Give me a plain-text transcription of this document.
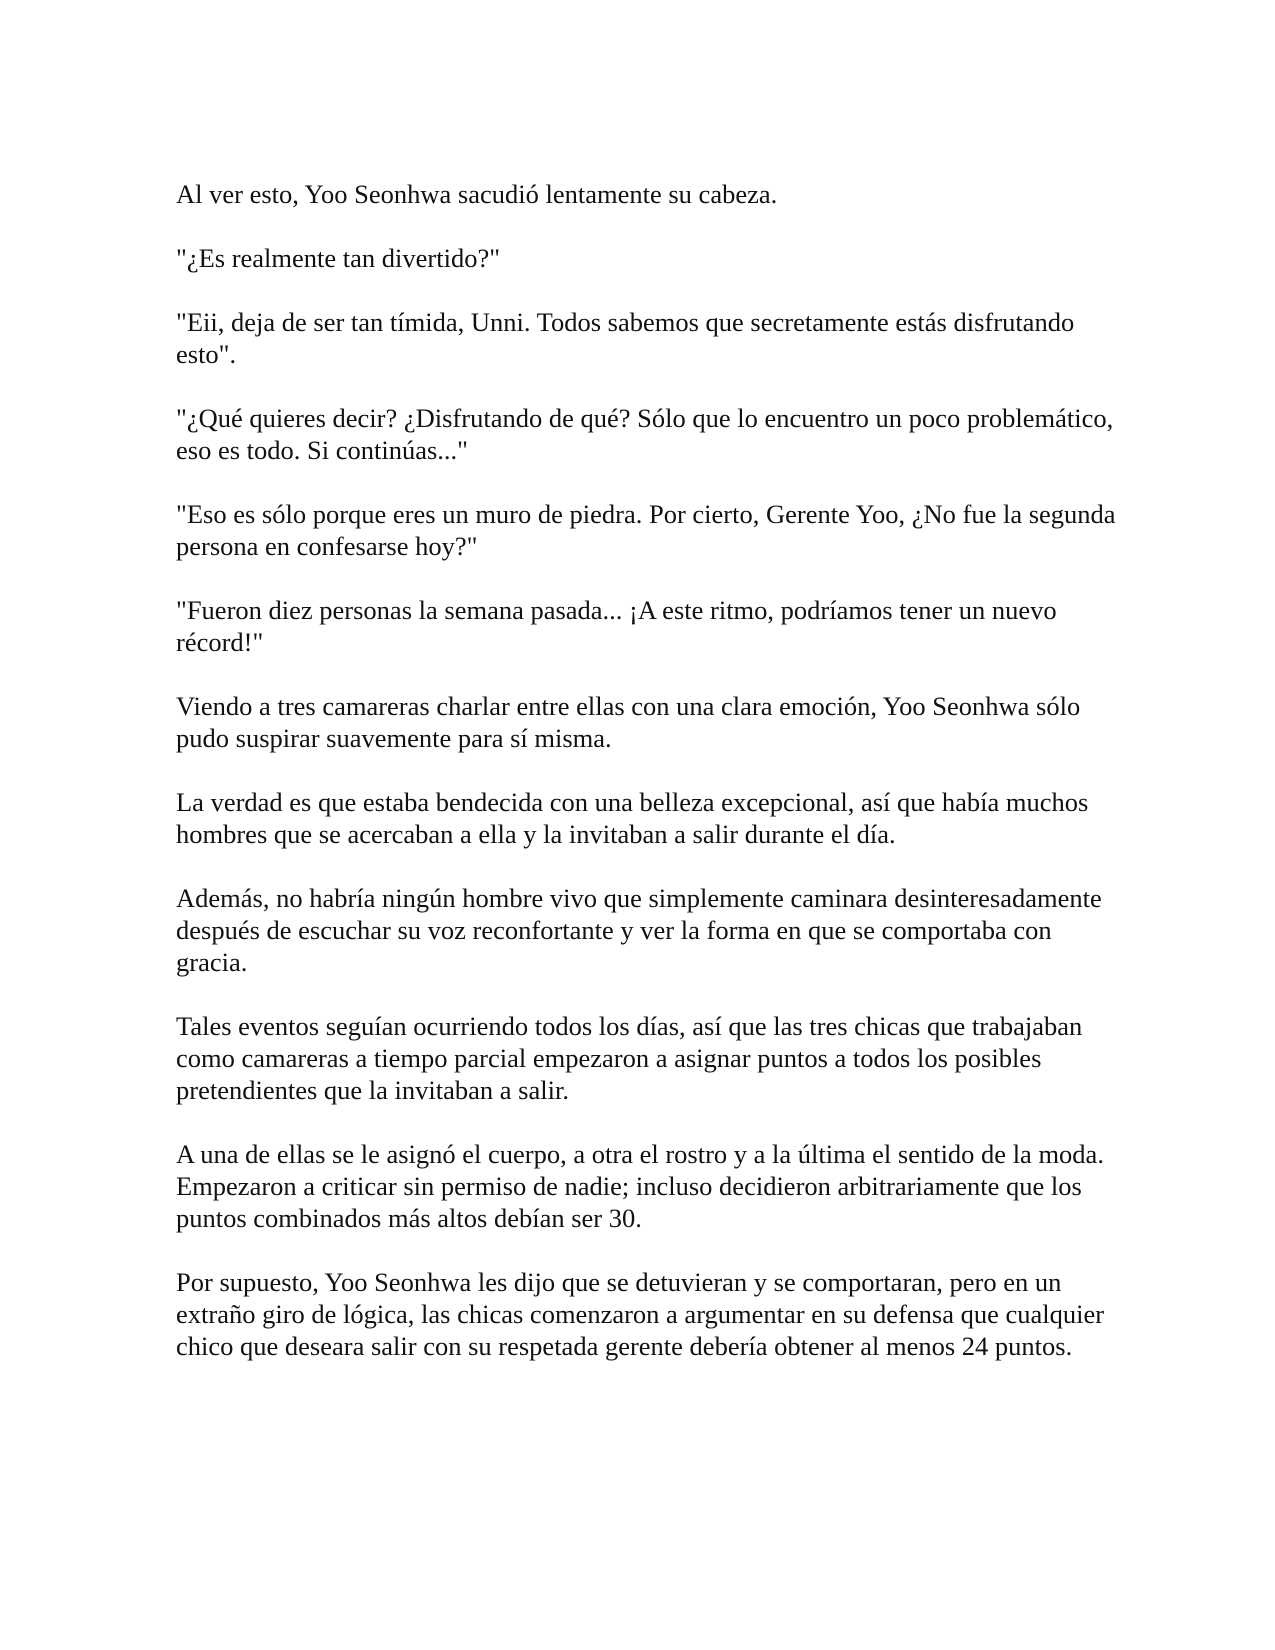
Al ver esto, Yoo Seonhwa sacudió lentamente su cabeza.

"¿Es realmente tan divertido?"

"Eii, deja de ser tan tímida, Unni. Todos sabemos que secretamente estás disfrutando esto".

"¿Qué quieres decir? ¿Disfrutando de qué? Sólo que lo encuentro un poco problemático, eso es todo. Si continúas..."

"Eso es sólo porque eres un muro de piedra. Por cierto, Gerente Yoo, ¿No fue la segunda persona en confesarse hoy?"

"Fueron diez personas la semana pasada... ¡A este ritmo, podríamos tener un nuevo récord!"

Viendo a tres camareras charlar entre ellas con una clara emoción, Yoo Seonhwa sólo pudo suspirar suavemente para sí misma.

La verdad es que estaba bendecida con una belleza excepcional, así que había muchos hombres que se acercaban a ella y la invitaban a salir durante el día.

Además, no habría ningún hombre vivo que simplemente caminara desinteresadamente después de escuchar su voz reconfortante y ver la forma en que se comportaba con gracia.

Tales eventos seguían ocurriendo todos los días, así que las tres chicas que trabajaban como camareras a tiempo parcial empezaron a asignar puntos a todos los posibles pretendientes que la invitaban a salir.

A una de ellas se le asignó el cuerpo, a otra el rostro y a la última el sentido de la moda. Empezaron a criticar sin permiso de nadie; incluso decidieron arbitrariamente que los puntos combinados más altos debían ser 30.

Por supuesto, Yoo Seonhwa les dijo que se detuvieran y se comportaran, pero en un extraño giro de lógica, las chicas comenzaron a argumentar en su defensa que cualquier chico que deseara salir con su respetada gerente debería obtener al menos 24 puntos.
